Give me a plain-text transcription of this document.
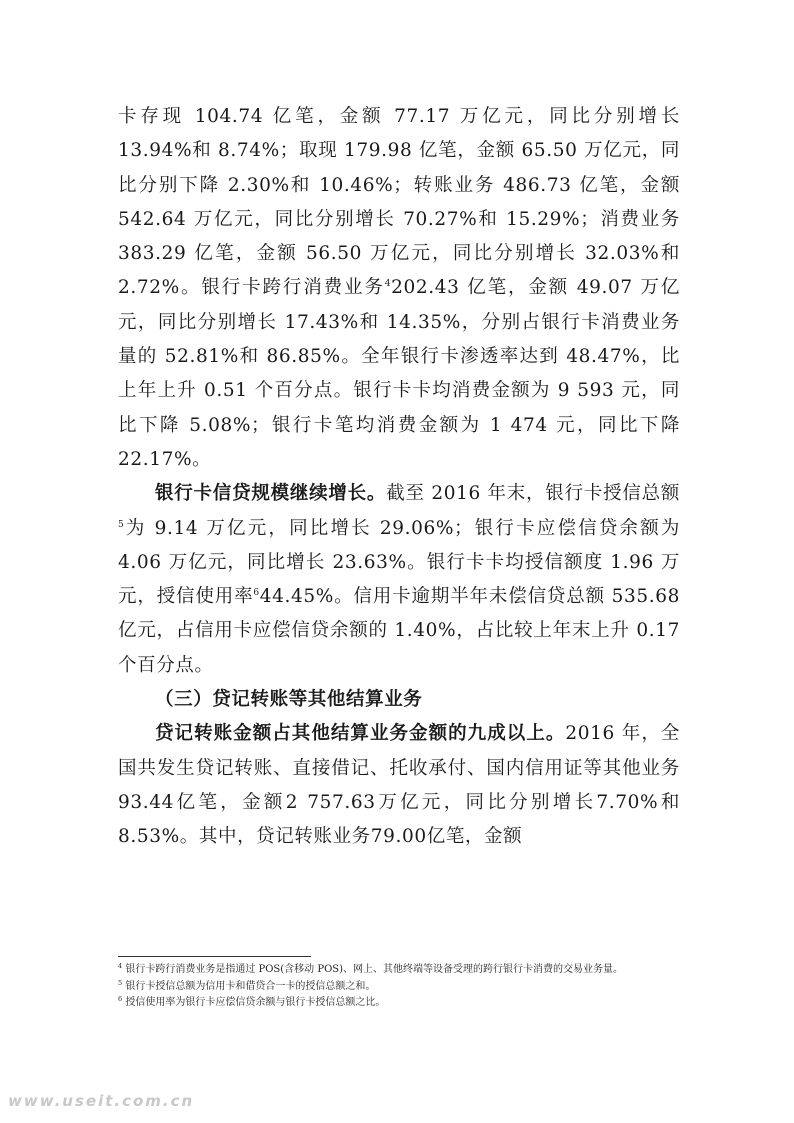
卡存现 104.74 亿笔，金额 77.17 万亿元，同比分别增长 13.94%和 8.74%；取现 179.98 亿笔，金额 65.50 万亿元，同比分别下降 2.30%和 10.46%；转账业务 486.73 亿笔，金额 542.64 万亿元，同比分别增长 70.27%和 15.29%；消费业务 383.29 亿笔，金额 56.50 万亿元，同比分别增长 32.03%和 2.72%。银行卡跨行消费业务$^4$202.43 亿笔，金额 49.07 万亿元，同比分别增长 17.43%和 14.35%，分别占银行卡消费业务量的 52.81%和 86.85%。全年银行卡渗透率达到 48.47%，比上年上升 0.51 个百分点。银行卡卡均消费金额为 9 593 元，同比下降 5.08%；银行卡笔均消费金额为 1 474 元，同比下降 22.17%。

银行卡信贷规模继续增长。截至 2016 年末，银行卡授信总额$^5$为 9.14 万亿元，同比增长 29.06%；银行卡应偿信贷余额为 4.06 万亿元，同比增长 23.63%。银行卡卡均授信额度 1.96 万元，授信使用率$^6$44.45%。信用卡逾期半年未偿信贷总额 535.68 亿元，占信用卡应偿信贷余额的 1.40%，占比较上年末上升 0.17 个百分点。

（三）贷记转账等其他结算业务

贷记转账金额占其他结算业务金额的九成以上。2016 年，全国共发生贷记转账、直接借记、托收承付、国内信用证等其他业务93.44亿笔，金额2 757.63万亿元，同比分别增长7.70%和8.53%。其中，贷记转账业务79.00亿笔，金额

$^4$ 银行卡跨行消费业务是指通过 POS(含移动 POS)、网上、其他终端等设备受理的跨行银行卡消费的交易业务量。

$^5$ 银行卡授信总额为信用卡和借贷合一卡的授信总额之和。

$^6$ 授信使用率为银行卡应偿信贷余额与银行卡授信总额之比。

www.useit.com.cn
